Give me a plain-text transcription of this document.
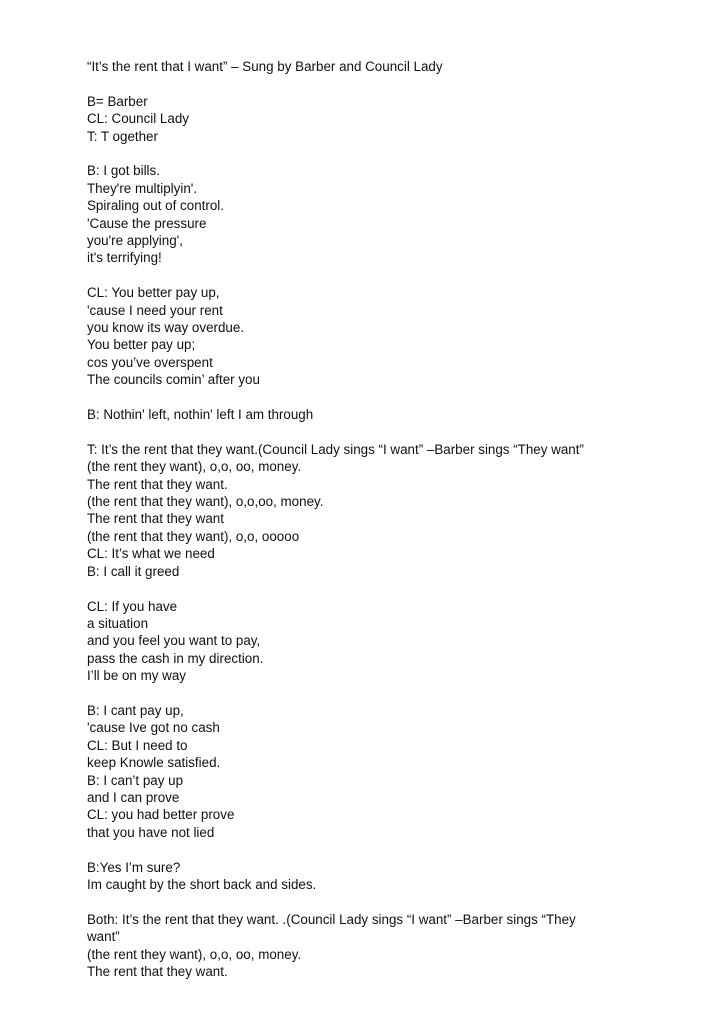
“It’s the rent that I want” – Sung by Barber and Council Lady
B= Barber
CL: Council Lady
T: T ogether
B: I got bills.
They're multiplyin'.
Spiraling out of control.
'Cause the pressure
you're applying',
it's terrifying!
CL: You better pay up,
'cause I need your rent
you know its way overdue.
You better pay up;
cos you’ve overspent
The councils comin’ after you
B: Nothin' left, nothin' left I am through
T: It’s the rent that they want.(Council Lady sings “I want” –Barber sings “They want”
(the rent they want), o,o, oo, money.
The rent that they want.
(the rent that they want), o,o,oo, money.
The rent that they want
(the rent that they want), o,o, ooooo
CL: It’s what we need
B: I call it greed
CL: If you have
a situation
and you feel you want to pay,
pass the cash in my direction.
I’ll be on my way
B: I cant pay up,
'cause Ive got no cash
CL: But I need to
keep Knowle satisfied.
B: I can’t pay up
and I can prove
CL: you had better prove
that you have not lied
B:Yes I’m sure?
Im caught by the short back and sides.
Both: It’s the rent that they want. .(Council Lady sings “I want” –Barber sings “They
want”
(the rent they want), o,o, oo, money.
The rent that they want.
